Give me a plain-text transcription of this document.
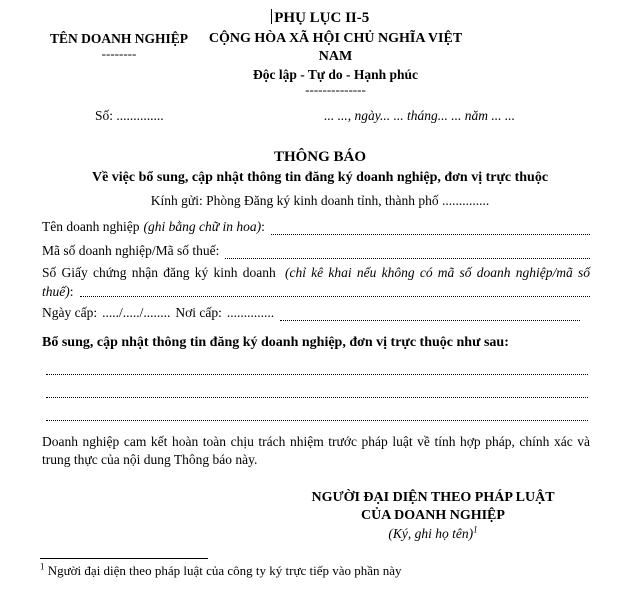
PHỤ LỤC II-5
TÊN DOANH NGHIỆP
--------
CỘNG HÒA XÃ HỘI CHỦ NGHĨA VIỆT NAM
Độc lập - Tự do - Hạnh phúc
--------------
Số: ..............	... ..., ngày... ... tháng... ... năm ... ...
THÔNG BÁO
Về việc bổ sung, cập nhật thông tin đăng ký doanh nghiệp, đơn vị trực thuộc
Kính gửi: Phòng Đăng ký kinh doanh tỉnh, thành phố ..............
Tên doanh nghiệp (ghi bằng chữ in hoa) :
Mã số doanh nghiệp/Mã số thuế:
Số Giấy chứng nhận đăng ký kinh doanh (chỉ kê khai nếu không có mã số doanh nghiệp/mã số
thuế) :
Ngày cấp: ...../...../........ Nơi cấp: ..............
Bổ sung, cập nhật thông tin đăng ký doanh nghiệp, đơn vị trực thuộc như sau:
Doanh nghiệp cam kết hoàn toàn chịu trách nhiệm trước pháp luật về tính hợp pháp, chính xác và trung thực của nội dung Thông báo này.
NGƯỜI ĐẠI DIỆN THEO PHÁP LUẬT
CỦA DOANH NGHIỆP
(Ký, ghi họ tên)$^1$
$^1$ Người đại diện theo pháp luật của công ty ký trực tiếp vào phần này
